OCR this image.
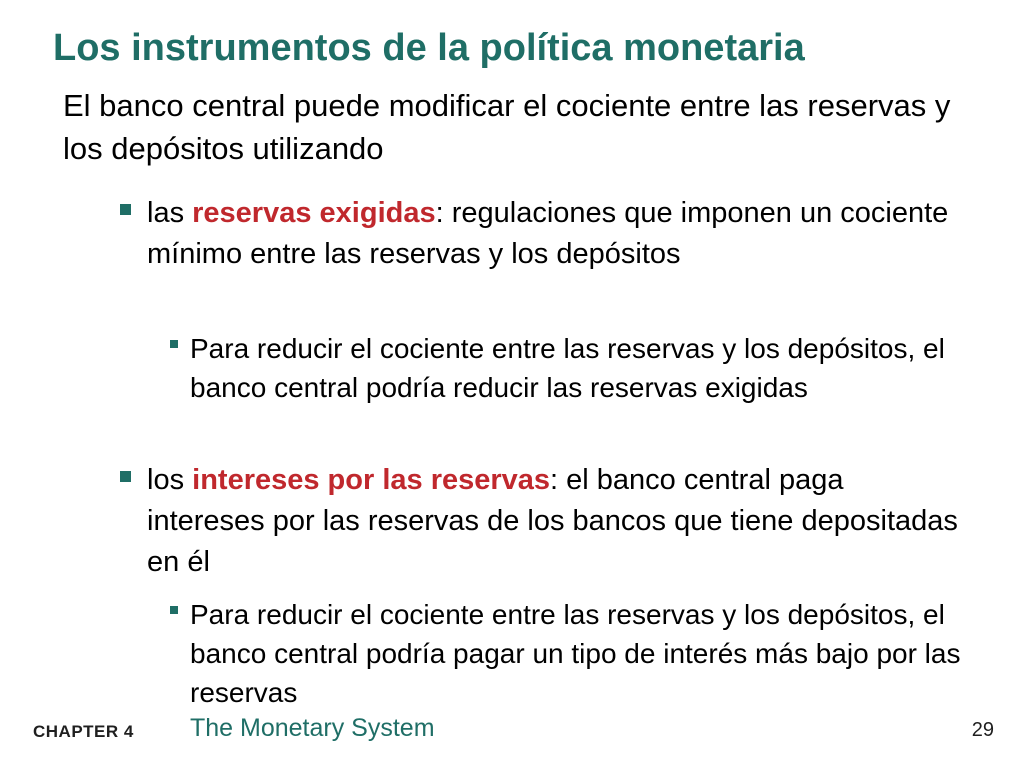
Los instrumentos de la política monetaria
El banco central puede modificar el cociente entre las reservas y los depósitos utilizando
las reservas exigidas: regulaciones que imponen un cociente mínimo entre las reservas y los depósitos
Para reducir el cociente entre las reservas y los depósitos, el banco central podría reducir las reservas exigidas
los intereses por las reservas: el banco central paga intereses por las reservas de los bancos que tiene depositadas en él
Para reducir el cociente entre las reservas y los depósitos, el banco central podría pagar un tipo de interés más bajo por las reservas
CHAPTER 4 The Monetary System	29
